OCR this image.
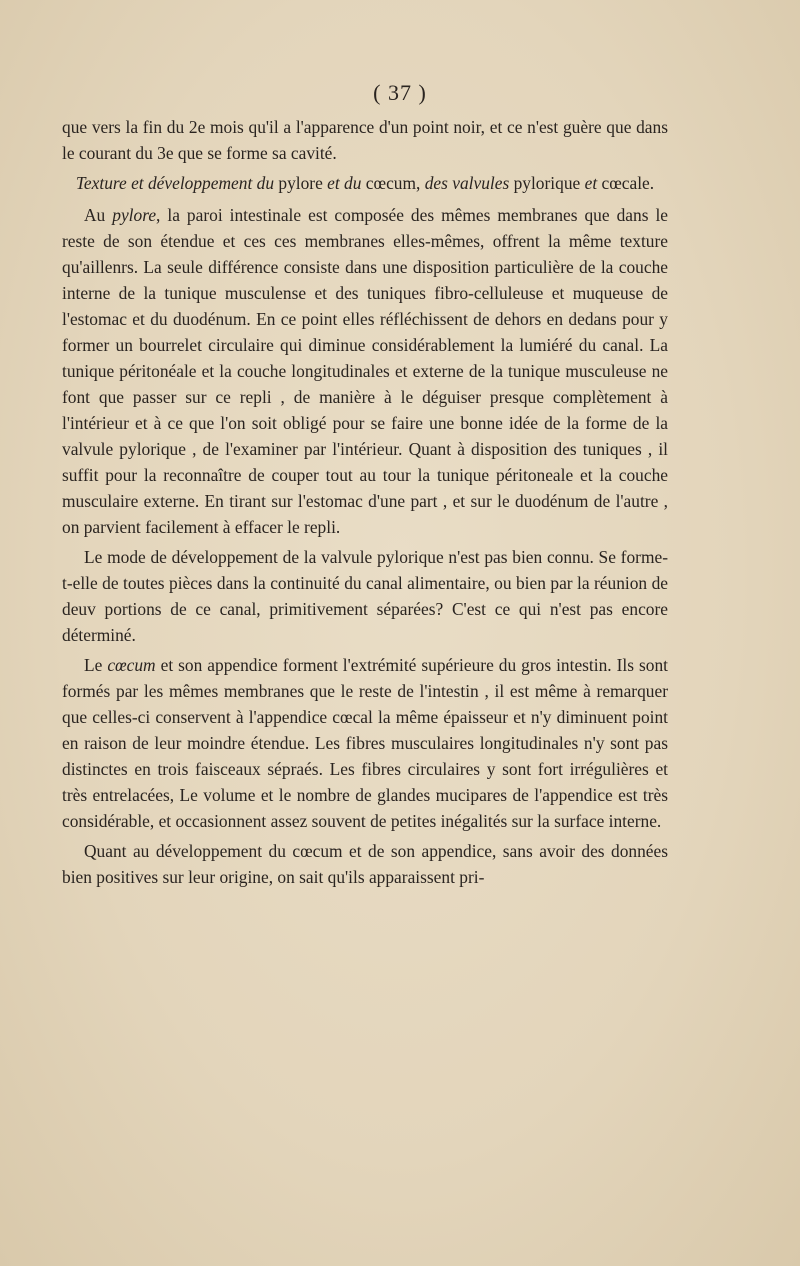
( 37 )

que vers la fin du 2e mois qu'il a l'apparence d'un point noir, et ce n'est guère que dans le courant du 3e que se forme sa cavité.

Texture et développement du pylore et du cœcum, des valvules pylorique et cœcale.

Au pylore, la paroi intestinale est composée des mêmes membranes que dans le reste de son étendue et ces ces membranes elles-mêmes, offrent la même texture qu'aillenrs. La seule différence consiste dans une disposition particulière de la couche interne de la tunique musculense et des tuniques fibro-celluleuse et muqueuse de l'estomac et du duodénum. En ce point elles réfléchissent de dehors en dedans pour y former un bourrelet circulaire qui diminue considérablement la lumiéré du canal. La tunique péritonéale et la couche longitudinales et externe de la tunique musculeuse ne font que passer sur ce repli , de manière à le déguiser presque complètement à l'intérieur et à ce que l'on soit obligé pour se faire une bonne idée de la forme de la valvule pylorique , de l'examiner par l'intérieur. Quant à disposition des tuniques , il suffit pour la reconnaître de couper tout au tour la tunique péritoneale et la couche musculaire externe. En tirant sur l'estomac d'une part , et sur le duodénum de l'autre , on parvient facilement à effacer le repli.

Le mode de développement de la valvule pylorique n'est pas bien connu. Se forme-t-elle de toutes pièces dans la continuité du canal alimentaire, ou bien par la réunion de deuv portions de ce canal, primitivement séparées? C'est ce qui n'est pas encore déterminé.

Le cœcum et son appendice forment l'extrémité supérieure du gros intestin. Ils sont formés par les mêmes membranes que le reste de l'intestin , il est même à remarquer que celles-ci conservent à l'appendice cœcal la même épaisseur et n'y diminuent point en raison de leur moindre étendue. Les fibres musculaires longitudinales n'y sont pas distinctes en trois faisceaux sépraés. Les fibres circulaires y sont fort irrégulières et très entrelacées, Le volume et le nombre de glandes mucipares de l'appendice est très considérable, et occasionnent assez souvent de petites inégalités sur la surface interne.

Quant au développement du cœcum et de son appendice, sans avoir des données bien positives sur leur origine, on sait qu'ils apparaissent pri-
